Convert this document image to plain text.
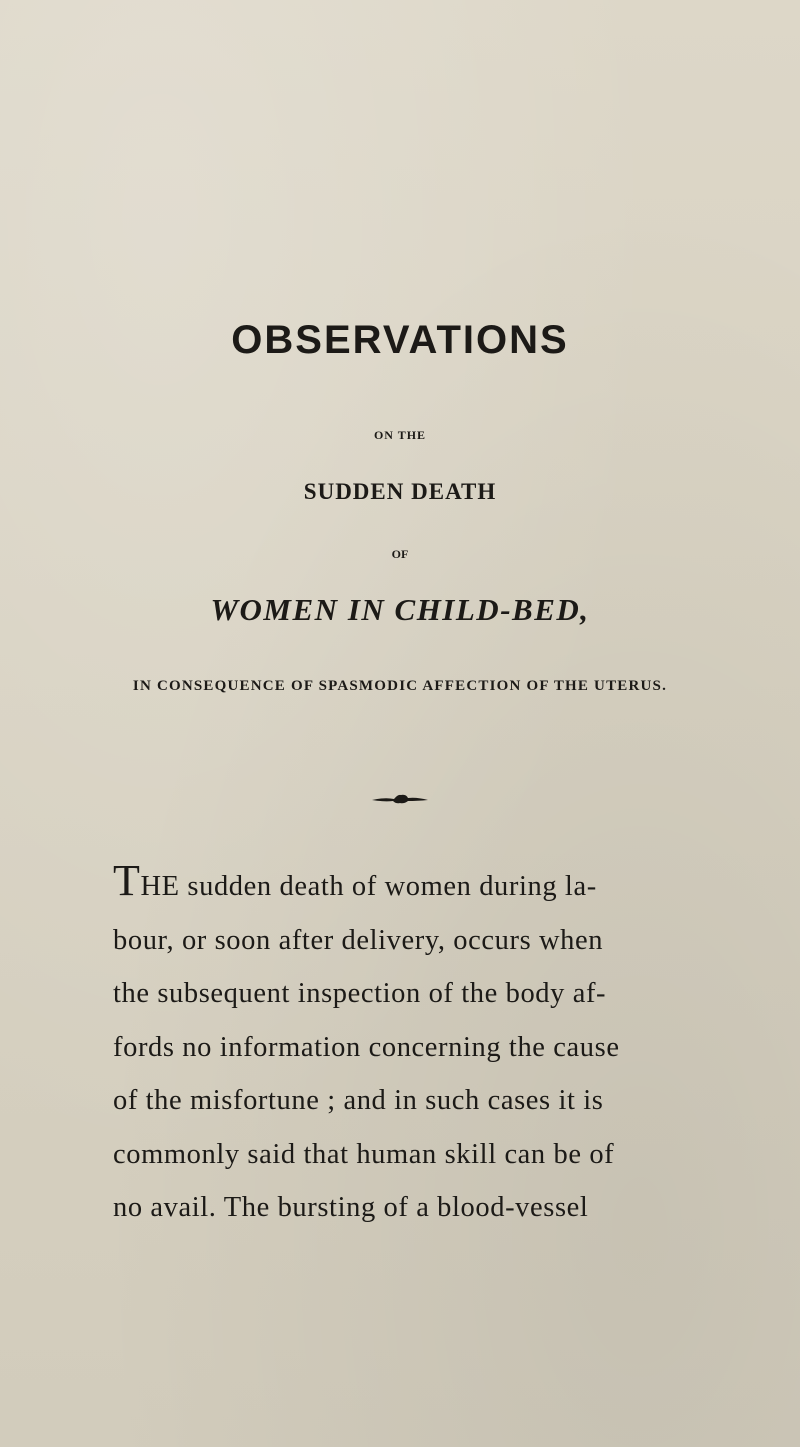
OBSERVATIONS
ON THE
SUDDEN DEATH
OF
WOMEN IN CHILD-BED,
IN CONSEQUENCE OF SPASMODIC AFFECTION OF THE UTERUS.
THE sudden death of women during la-
bour, or soon after delivery, occurs when
the subsequent inspection of the body af-
fords no information concerning the cause
of the misfortune ; and in such cases it is
commonly said that human skill can be of
no avail. The bursting of a blood-vessel
